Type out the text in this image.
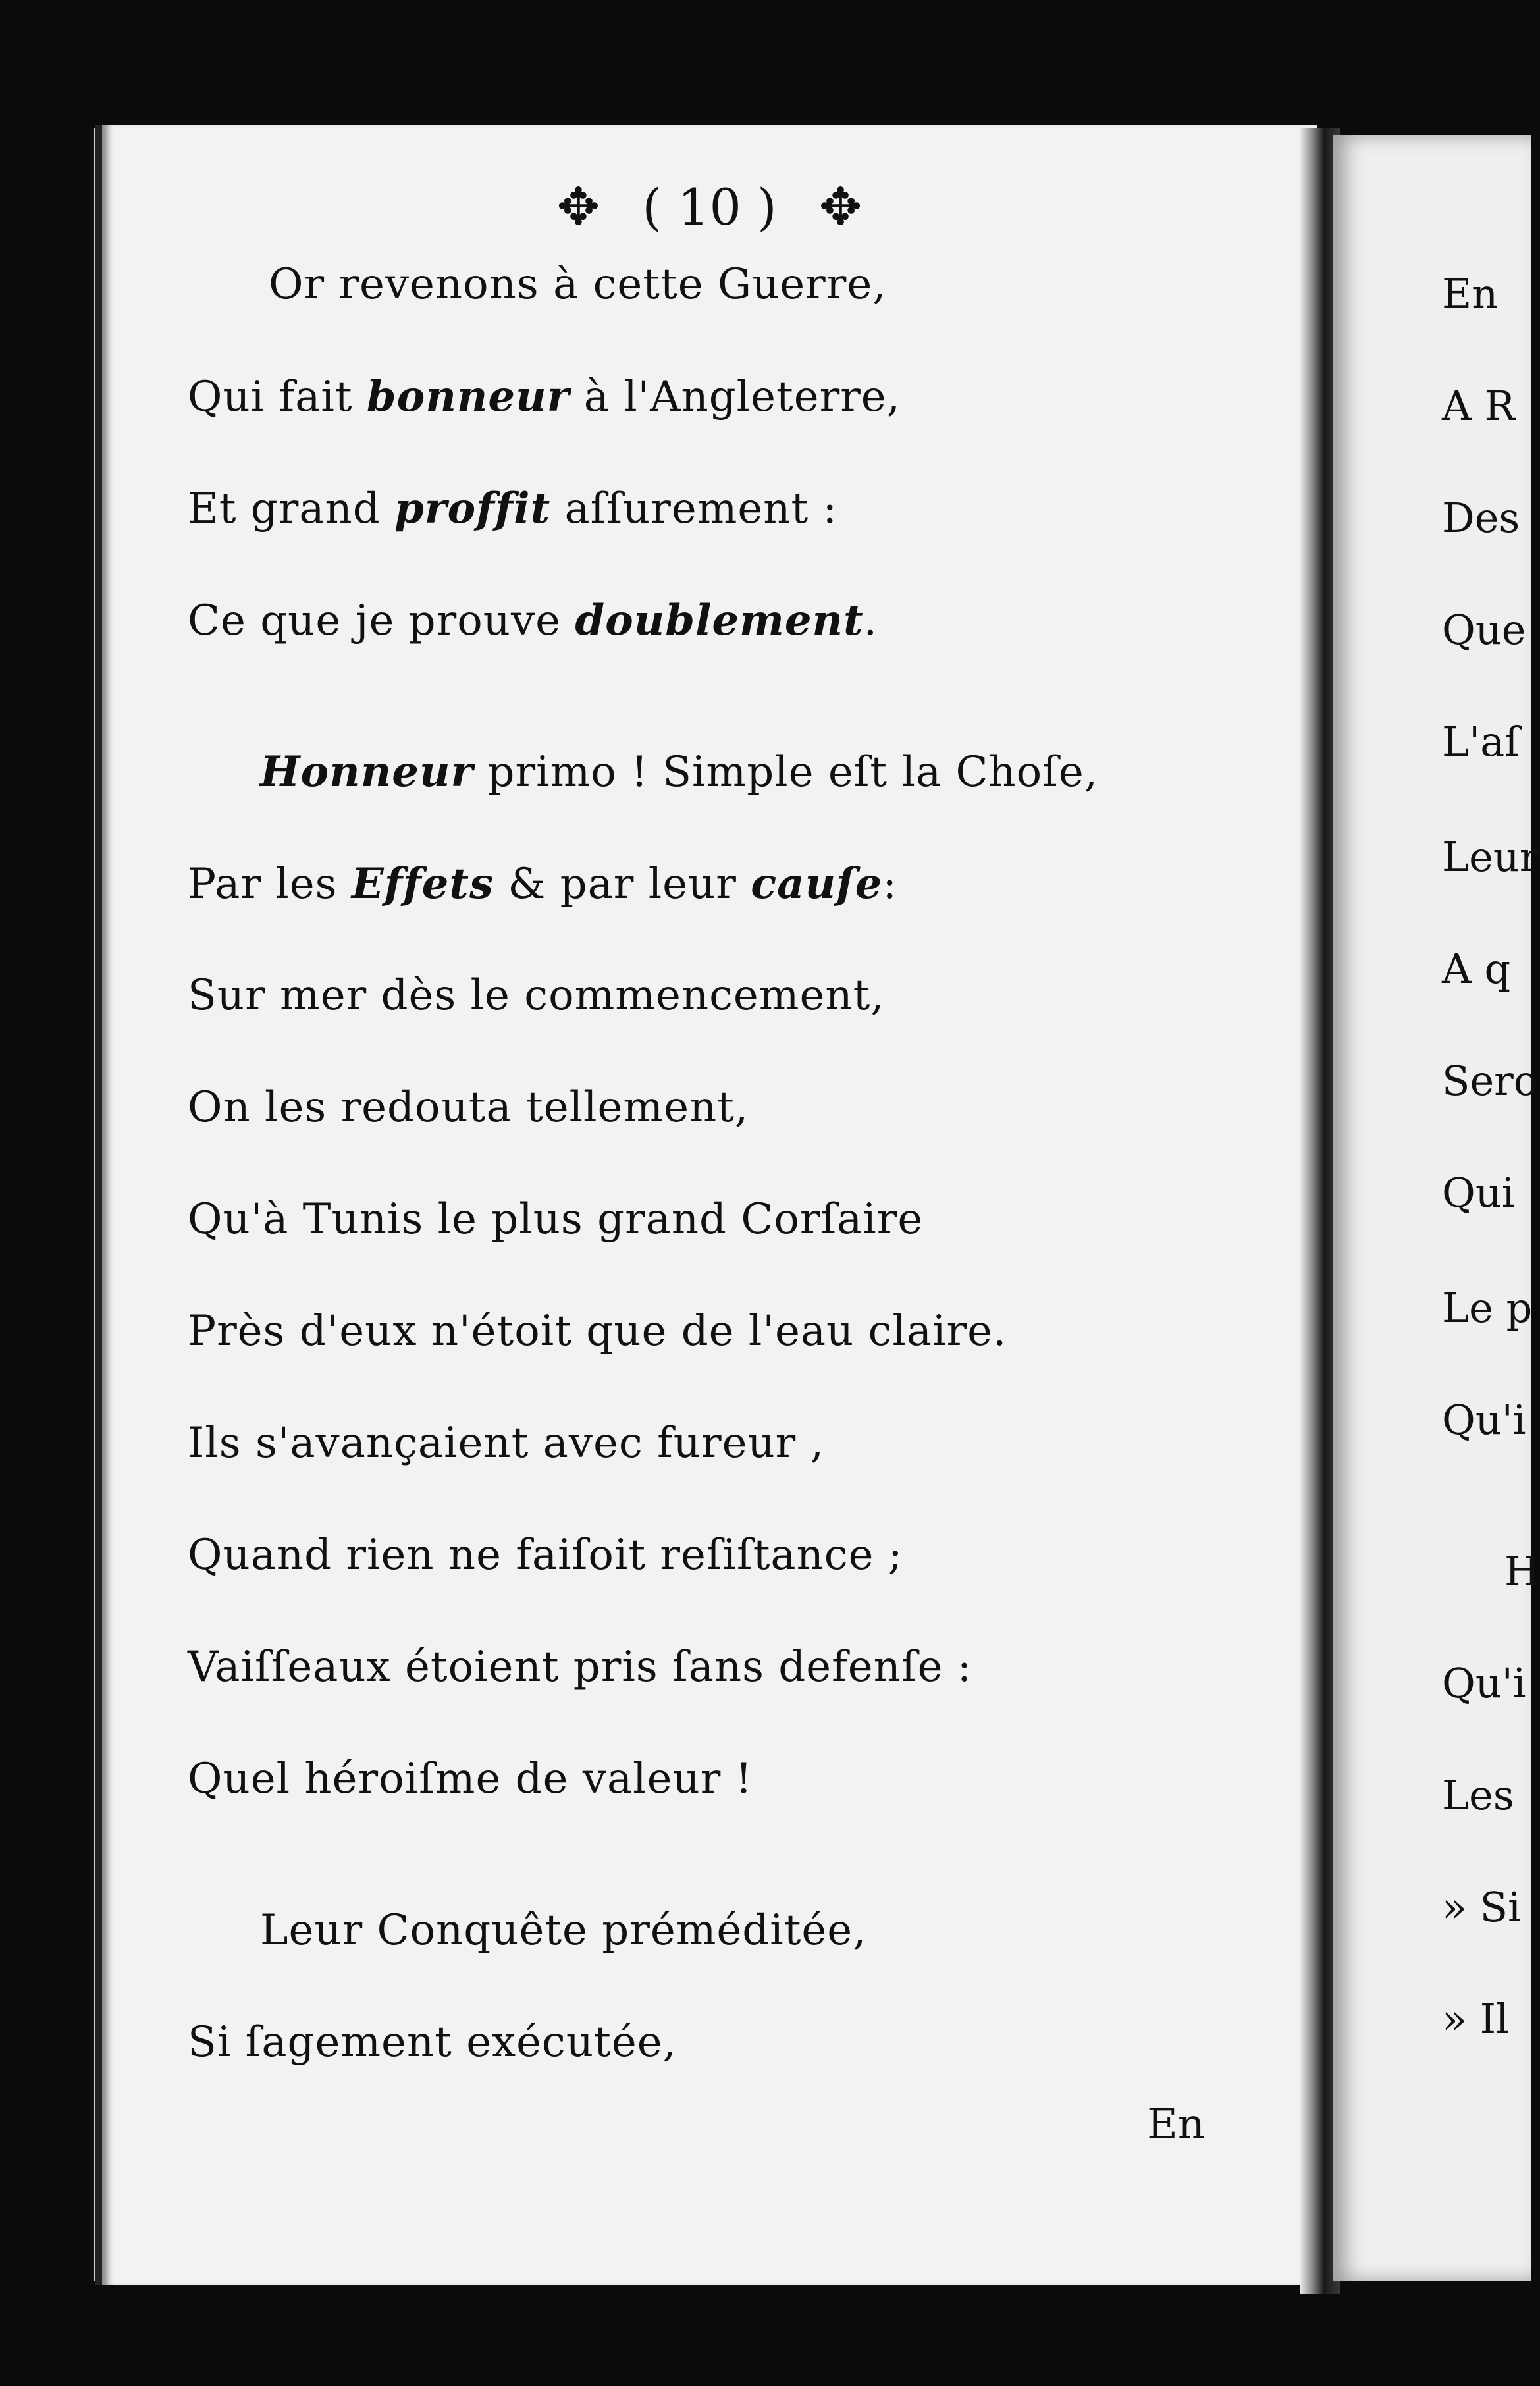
✥ ( 10 ) ✥
Or revenons à cette Guerre,
Qui fait bonneur à l'Angleterre,
Et grand proffit aſſurement :
Ce que je prouve doublement.
Honneur primo ! Simple eſt la Choſe,
Par les Effets & par leur cauſe:
Sur mer dès le commencement,
On les redouta tellement,
Qu'à Tunis le plus grand Corſaire
Près d'eux n'étoit que de l'eau claire.
Ils s'avançaient avec fureur ,
Quand rien ne faiſoit reſiſtance ;
Vaiſſeaux étoient pris ſans defenſe :
Quel héroiſme de valeur !
Leur Conquête préméditée,
Si ſagement exécutée,
En
En
A R
Des
Que
L'aſ
Leur
A q
Sero
Qui
Le p
Qu'i
H
Qu'i
Les
» Si
» Il
